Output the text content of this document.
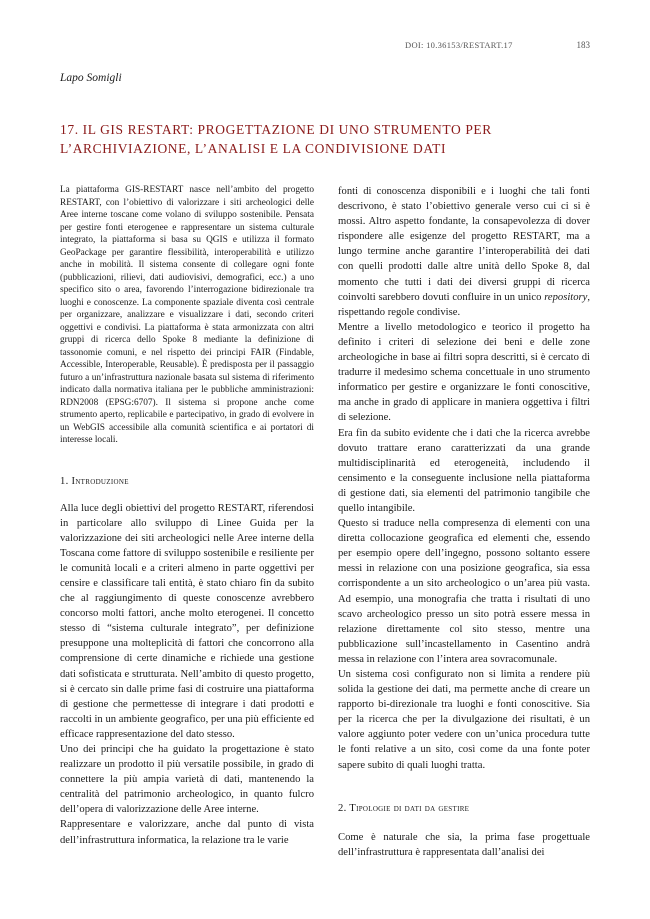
DOI: 10.36153/RESTART.17	183
Lapo Somigli
17. IL GIS RESTART: PROGETTAZIONE DI UNO STRUMENTO PER L’ARCHIVIAZIONE, L’ANALISI E LA CONDIVISIONE DATI

La piattaforma GIS-RESTART nasce nell’ambito del progetto RESTART, con l’obiettivo di valorizzare i siti archeologici delle Aree interne toscane come volano di sviluppo sostenibile. Pensata per gestire fonti eterogenee e rappresentare un sistema culturale integrato, la piattaforma si basa su QGIS e utilizza il formato GeoPackage per garantire flessibilità, interoperabilità e utilizzo anche in mobilità. Il sistema consente di collegare ogni fonte (pubblicazioni, rilievi, dati audiovisivi, demografici, ecc.) a uno specifico sito o area, favorendo l’interrogazione bidirezionale tra luoghi e conoscenze. La componente spaziale diventa così centrale per organizzare, analizzare e visualizzare i dati, secondo criteri oggettivi e condivisi. La piattaforma è stata armonizzata con altri gruppi di ricerca dello Spoke 8 mediante la definizione di tassonomie comuni, e nel rispetto dei principi FAIR (Findable, Accessible, Interoperable, Reusable). È predisposta per il passaggio futuro a un’infrastruttura nazionale basata sul sistema di riferimento indicato dalla normativa italiana per le pubbliche amministrazioni: RDN2008 (EPSG:6707). Il sistema si propone anche come strumento aperto, replicabile e partecipativo, in grado di evolvere in un WebGIS accessibile alla comunità scientifica e ai portatori di interesse locali.

1. Introduzione

Alla luce degli obiettivi del progetto RESTART, riferendosi in particolare allo sviluppo di Linee Guida per la valorizzazione dei siti archeologici nelle Aree interne della Toscana come fattore di sviluppo sostenibile e resiliente per le comunità locali e a criteri almeno in parte oggettivi per censire e classificare tali entità, è stato chiaro fin da subito che al raggiungimento di queste conoscenze avrebbero concorso molti fattori, anche molto eterogenei. Il concetto stesso di “sistema culturale integrato”, per definizione presuppone una molteplicità di fattori che concorrono alla comprensione di certe dinamiche e richiede una gestione dati sofisticata e strutturata. Nell’ambito di questo progetto, si è cercato sin dalle prime fasi di costruire una piattaforma di gestione che permettesse di integrare i dati prodotti e raccolti in un ambiente geografico, per una più efficiente ed efficace rappresentazione del dato stesso.

Uno dei principi che ha guidato la progettazione è stato realizzare un prodotto il più versatile possibile, in grado di connettere la più ampia varietà di dati, mantenendo la centralità del patrimonio archeologico, in quanto fulcro dell’opera di valorizzazione delle Aree interne.

Rappresentare e valorizzare, anche dal punto di vista dell’infrastruttura informatica, la relazione tra le varie

fonti di conoscenza disponibili e i luoghi che tali fonti descrivono, è stato l’obiettivo generale verso cui ci si è mossi. Altro aspetto fondante, la consapevolezza di dover rispondere alle esigenze del progetto RESTART, ma a lungo termine anche garantire l’interoperabilità dei dati con quelli prodotti dalle altre unità dello Spoke 8, dal momento che tutti i dati dei diversi gruppi di ricerca coinvolti sarebbero dovuti confluire in un unico repository, rispettando regole condivise.

Mentre a livello metodologico e teorico il progetto ha definito i criteri di selezione dei beni e delle zone archeologiche in base ai filtri sopra descritti, si è cercato di tradurre il medesimo schema concettuale in uno strumento informatico per gestire e organizzare le fonti conoscitive, ma anche in grado di applicare in maniera oggettiva i filtri di selezione.

Era fin da subito evidente che i dati che la ricerca avrebbe dovuto trattare erano caratterizzati da una grande multidisciplinarità ed eterogeneità, includendo il censimento e la conseguente inclusione nella piattaforma di gestione dati, sia elementi del patrimonio tangibile che quello intangibile.

Questo si traduce nella compresenza di elementi con una diretta collocazione geografica ed elementi che, essendo per esempio opere dell’ingegno, possono soltanto essere messi in relazione con una posizione geografica, sia essa corrispondente a un sito archeologico o un’area più vasta. Ad esempio, una monografia che tratta i risultati di uno scavo archeologico presso un sito potrà essere messa in relazione direttamente col sito stesso, mentre una pubblicazione sull’incastellamento in Casentino andrà messa in relazione con l’intera area sovracomunale.

Un sistema così configurato non si limita a rendere più solida la gestione dei dati, ma permette anche di creare un rapporto bi-direzionale tra luoghi e fonti conoscitive. Sia per la ricerca che per la divulgazione dei risultati, è un valore aggiunto poter vedere con un’unica procedura tutte le fonti relative a un sito, così come da una fonte poter sapere subito di quali luoghi tratta.

2. Tipologie di dati da gestire

Come è naturale che sia, la prima fase progettuale dell’infrastruttura è rappresentata dall’analisi dei
